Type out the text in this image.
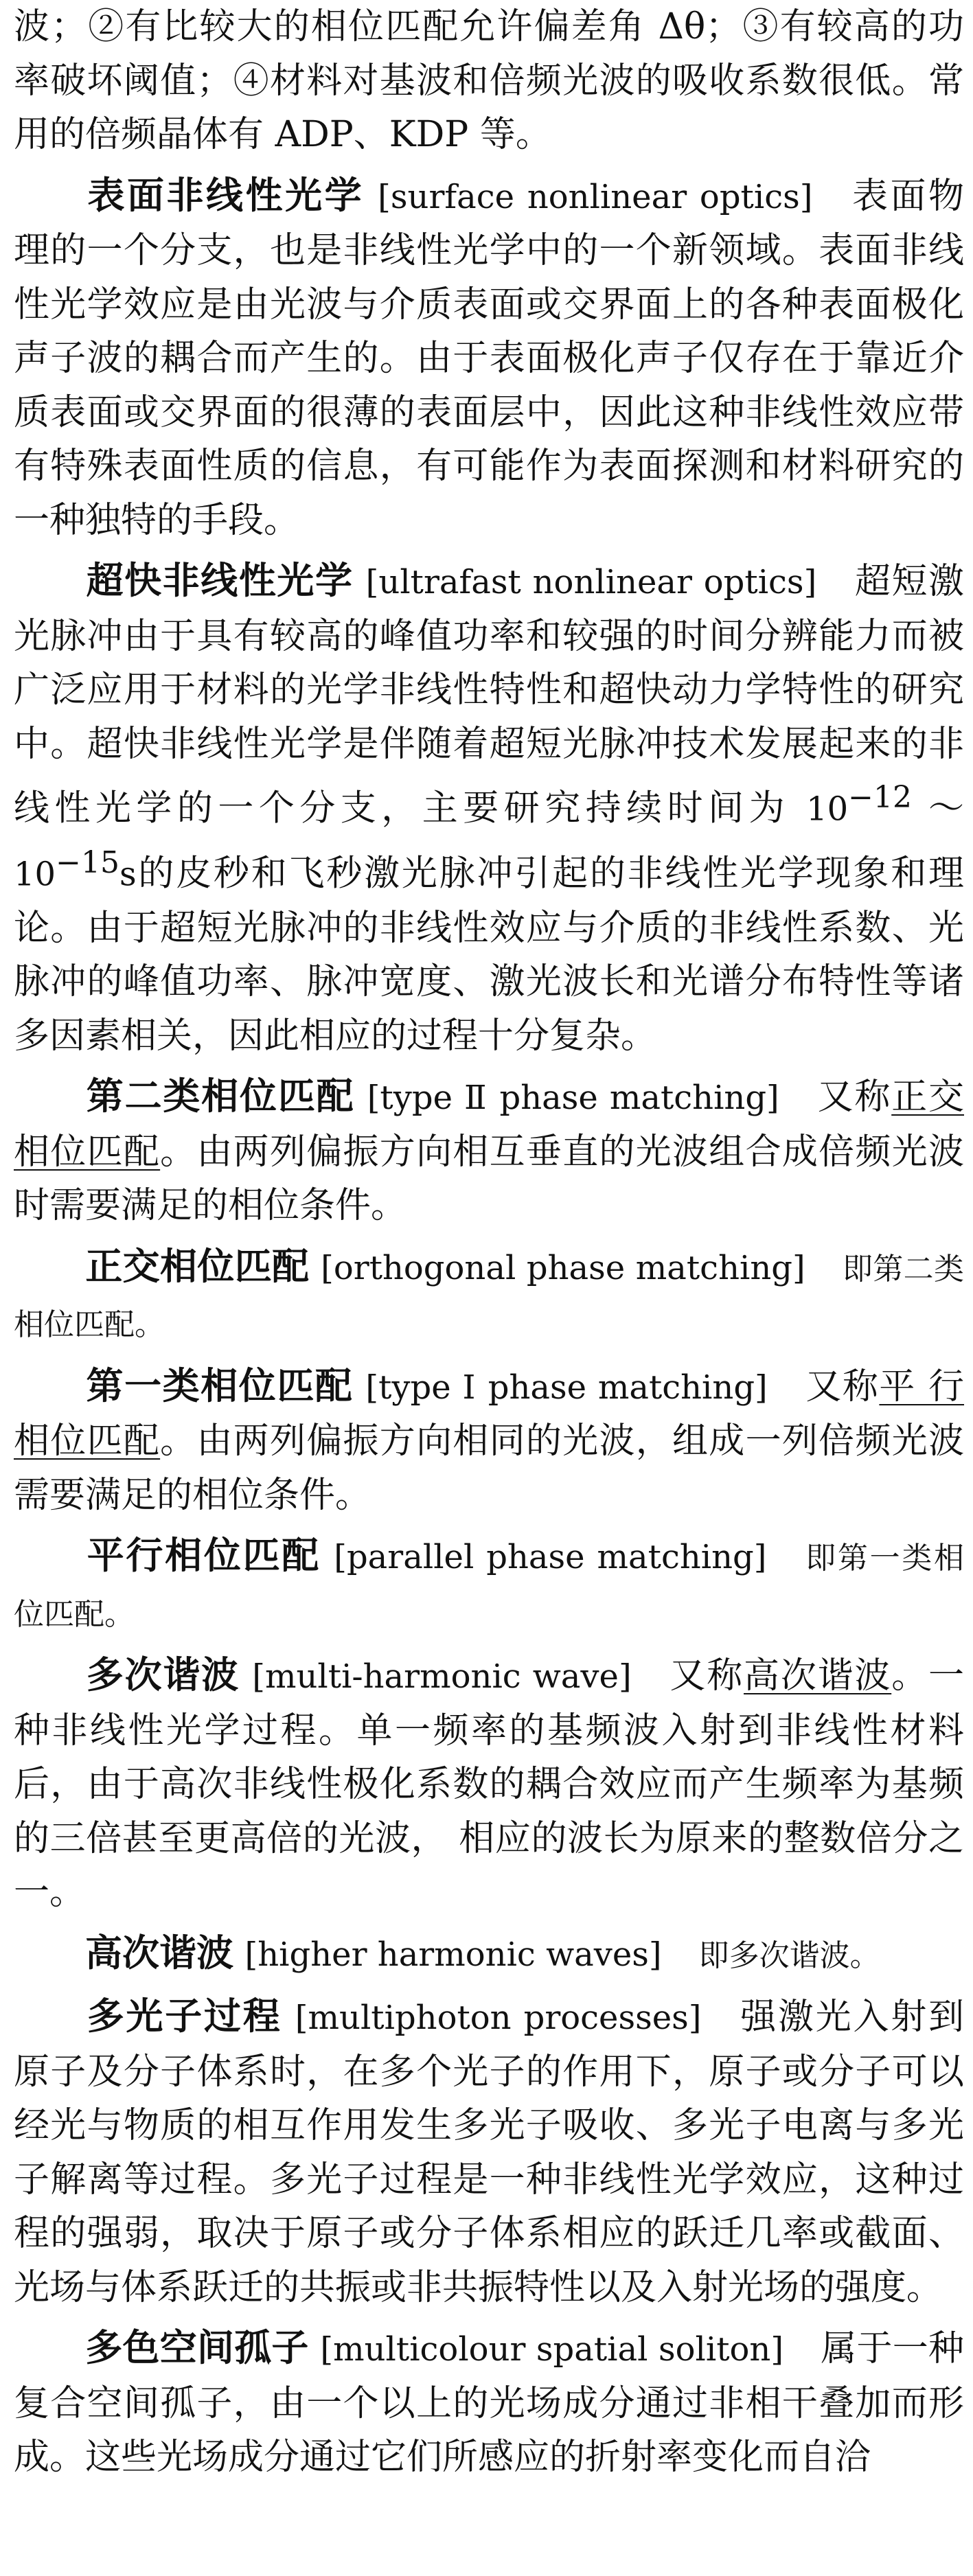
波；②有比较大的相位匹配允许偏差角 Δθ；③有较高的功率破坏阈值；④材料对基波和倍频光波的吸收系数很低。常用的倍频晶体有 ADP、KDP 等。

表面非线性光学 [surface nonlinear optics] 表面物理的一个分支，也是非线性光学中的一个新领域。表面非线性光学效应是由光波与介质表面或交界面上的各种表面极化声子波的耦合而产生的。由于表面极化声子仅存在于靠近介质表面或交界面的很薄的表面层中，因此这种非线性效应带有特殊表面性质的信息，有可能作为表面探测和材料研究的一种独特的手段。

超快非线性光学 [ultrafast nonlinear optics] 超短激光脉冲由于具有较高的峰值功率和较强的时间分辨能力而被广泛应用于材料的光学非线性特性和超快动力学特性的研究中。超快非线性光学是伴随着超短光脉冲技术发展起来的非线性光学的一个分支，主要研究持续时间为 $10^{-12}$ $\sim 10^{-15}s$的皮秒和飞秒激光脉冲引起的非线性光学现象和理论。由于超短光脉冲的非线性效应与介质的非线性系数、光脉冲的峰值功率、脉冲宽度、激光波长和光谱分布特性等诸多因素相关，因此相应的过程十分复杂。

第二类相位匹配 [type Ⅱ phase matching] 又称正交相位匹配。由两列偏振方向相互垂直的光波组合成倍频光波时需要满足的相位条件。

正交相位匹配 [orthogonal phase matching] 即第二类相位匹配。

第一类相位匹配 [type Ⅰ phase matching] 又称平 行相位匹配。由两列偏振方向相同的光波，组成一列倍频光波需要满足的相位条件。

平行相位匹配 [parallel phase matching] 即第一类相位匹配。

多次谐波 [multi-harmonic wave] 又称高次谐波。一种非线性光学过程。单一频率的基频波入射到非线性材料后，由于高次非线性极化系数的耦合效应而产生频率为基频的三倍甚至更高倍的光波， 相应的波长为原来的整数倍分之一。

高次谐波 [higher harmonic waves] 即多次谐波。

多光子过程 [multiphoton processes] 强激光入射到原子及分子体系时，在多个光子的作用下，原子或分子可以经光与物质的相互作用发生多光子吸收、多光子电离与多光子解离等过程。多光子过程是一种非线性光学效应，这种过程的强弱，取决于原子或分子体系相应的跃迁几率或截面、光场与体系跃迁的共振或非共振特性以及入射光场的强度。

多色空间孤子 [multicolour spatial soliton] 属于一种复合空间孤子，由一个以上的光场成分通过非相干叠加而形成。这些光场成分通过它们所感应的折射率变化而自洽
